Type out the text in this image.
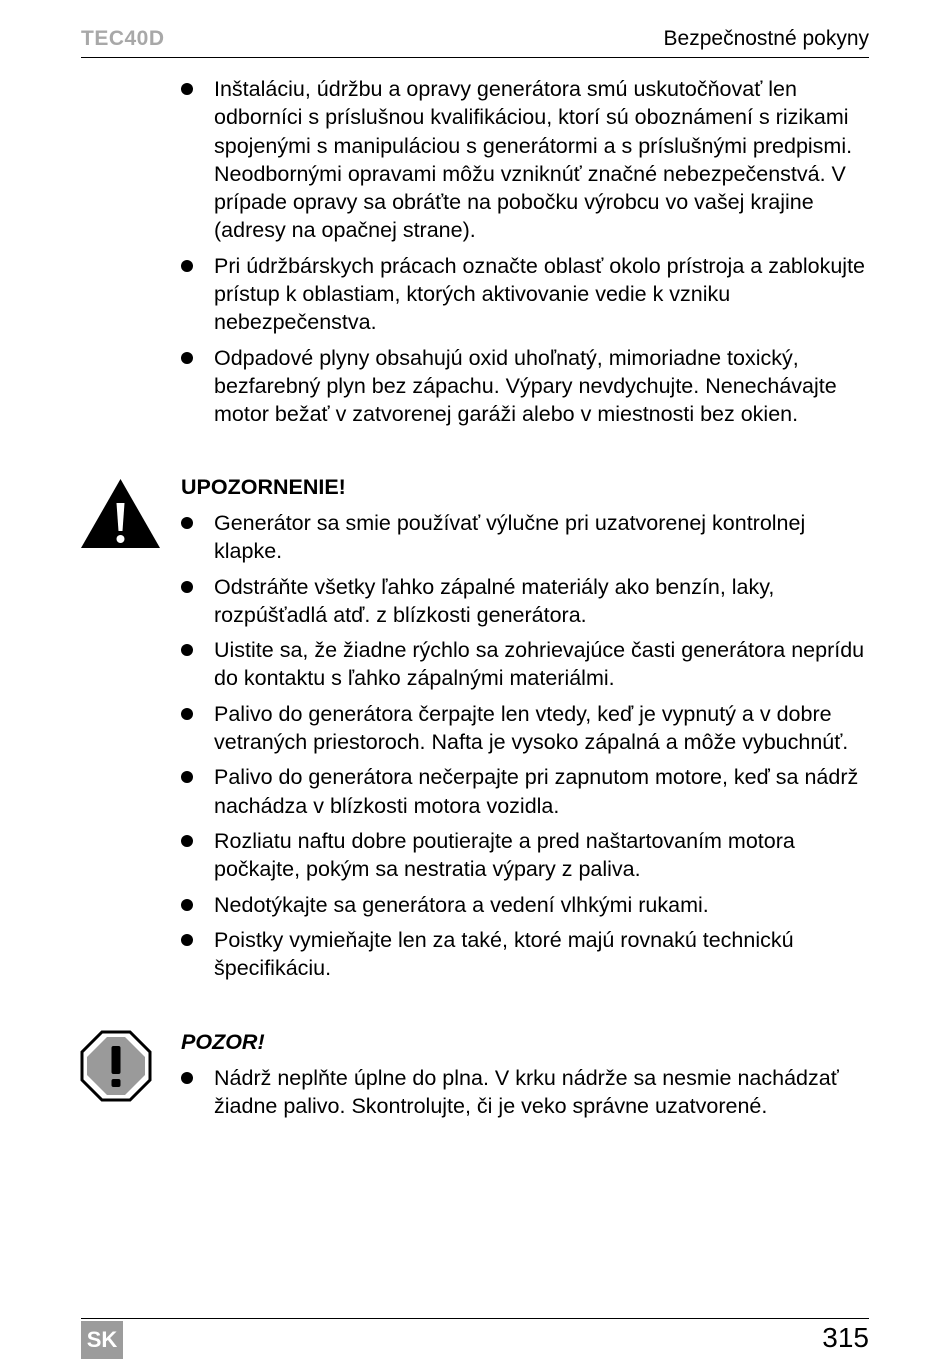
TEC40D	Bezpečnostné pokyny
Inštaláciu, údržbu a opravy generátora smú uskutočňovať len odborníci s príslušnou kvalifikáciou, ktorí sú oboznámení s rizikami spojenými s manipuláciou s generátormi a s príslušnými predpismi. Neodbornými opravami môžu vzniknúť značné nebezpečenstvá. V prípade opravy sa obráťte na pobočku výrobcu vo vašej krajine (adresy na opačnej strane).
Pri údržbárskych prácach označte oblasť okolo prístroja a zablokujte prístup k oblastiam, ktorých aktivovanie vedie k vzniku nebezpečenstva.
Odpadové plyny obsahujú oxid uhoľnatý, mimoriadne toxický, bezfarebný plyn bez zápachu. Výpary nevdychujte. Nenechávajte motor bežať v zatvorenej garáži alebo v miestnosti bez okien.
UPOZORNENIE!
Generátor sa smie používať výlučne pri uzatvorenej kontrolnej klapke.
Odstráňte všetky ľahko zápalné materiály ako benzín, laky, rozpúšťadlá atď. z blízkosti generátora.
Uistite sa, že žiadne rýchlo sa zohrievajúce časti generátora neprídu do kontaktu s ľahko zápalnými materiálmi.
Palivo do generátora čerpajte len vtedy, keď je vypnutý a v dobre vetraných priestoroch. Nafta je vysoko zápalná a môže vybuchnúť.
Palivo do generátora nečerpajte pri zapnutom motore, keď sa nádrž nachádza v blízkosti motora vozidla.
Rozliatu naftu dobre poutierajte a pred naštartovaním motora počkajte, pokým sa nestratia výpary z paliva.
Nedotýkajte sa generátora a vedení vlhkými rukami.
Poistky vymieňajte len za také, ktoré majú rovnakú technickú špecifikáciu.
POZOR!
Nádrž neplňte úplne do plna. V krku nádrže sa nesmie nachádzať žiadne palivo. Skontrolujte, či je veko správne uzatvorené.
SK	315
